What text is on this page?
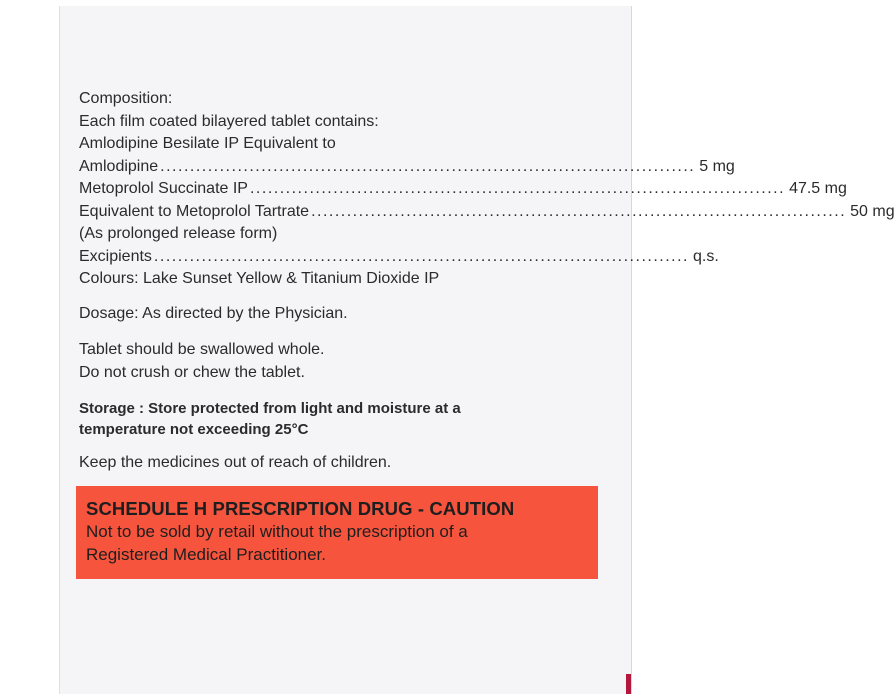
Composition:
Each film coated bilayered tablet contains:
Amlodipine Besilate IP Equivalent to
Amlodipine .......................................................................................... 5 mg
Metoprolol Succinate IP .......................................................................................... 47.5 mg
Equivalent to Metoprolol Tartrate .......................................................................................... 50 mg
(As prolonged release form)
Excipients .......................................................................................... q.s.
Colours: Lake Sunset Yellow & Titanium Dioxide IP
Dosage: As directed by the Physician.
Tablet should be swallowed whole.
Do not crush or chew the tablet.
Storage : Store protected from light and moisture at a
temperature not exceeding 25°C
Keep the medicines out of reach of children.
SCHEDULE H PRESCRIPTION DRUG - CAUTION
Not to be sold by retail without the prescription of a
Registered Medical Practitioner.
